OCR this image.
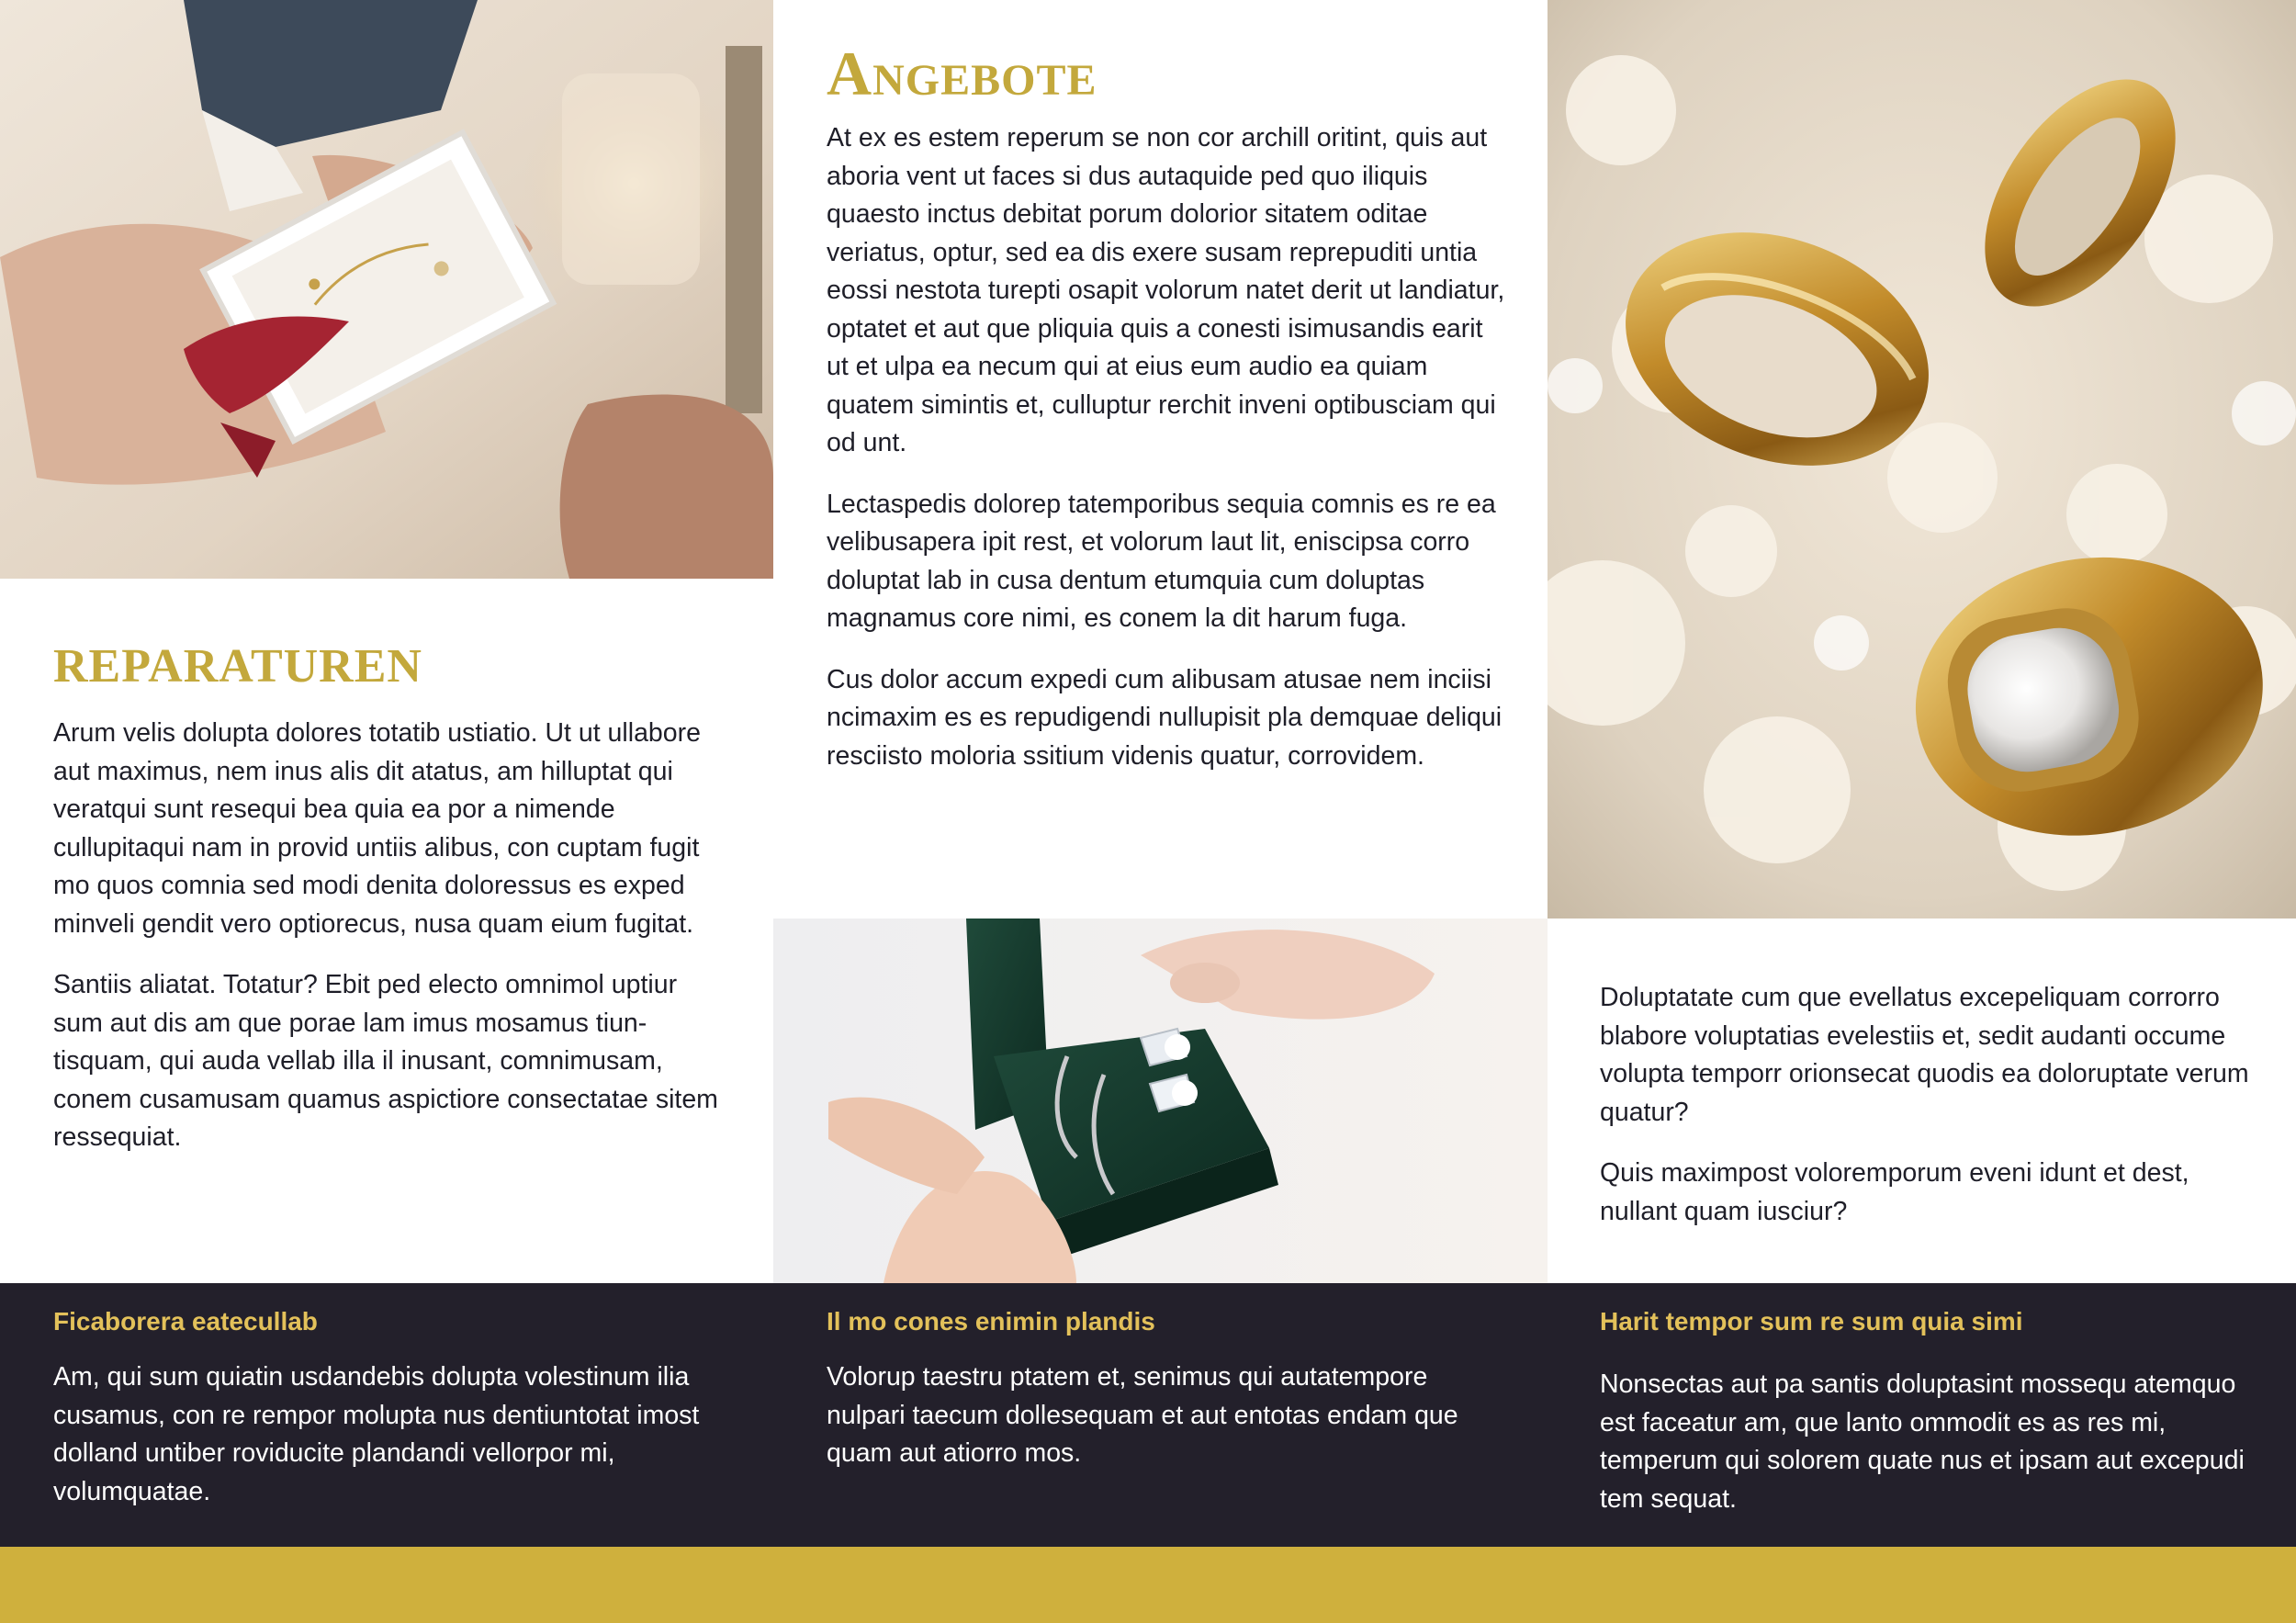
Angebote

At ex es estem reperum se non cor archill oritint, quis aut aboria vent ut faces si dus autaquide ped quo iliquis quaesto inctus debitat porum dolorior sitatem oditae veriatus, optur, sed ea dis exere susam reprepuditi untia eossi nestota turepti osapit volorum natet derit ut landiatur, optatet et aut que pliquia quis a conesti isimusandis earit ut et ulpa ea necum qui at eius eum audio ea quiam quatem simintis et, culluptur rerchit inveni optibusciam qui od unt.

Lectaspedis dolorep tatemporibus sequia comnis es re ea velibusapera ipit rest, et volorum laut lit, eniscipsa corro doluptat lab in cusa dentum etumquia cum doluptas magnamus core nimi, es conem la dit harum fuga.

Cus dolor accum expedi cum alibusam atusae nem inciisi ncimaxim es es repudigendi nullupisit pla demquae deliqui resciisto moloria ssitium videnis quatur, corrovidem.

REPARATUREN

Arum velis dolupta dolores totatib ustiatio. Ut ut ullabore aut maximus, nem inus alis dit atatus, am hilluptat qui veratqui sunt resequi bea quia ea por a nimende cullupitaqui nam in provid untiis alibus, con cuptam fugit mo quos comnia sed modi denita doloressus es exped minveli gendit vero optiorecus, nusa quam eium fugitat.

Santiis aliatat. Totatur? Ebit ped electo omnimol uptiur sum aut dis am que porae lam imus mosamus tiuntisquam, qui auda vellab illa il inusant, comnimusam, conem cusamusam quamus aspictiore consectatae sitem ressequiat.

Doluptatate cum que evellatus excepeliquam corrorro blabore voluptatias evelestiis et, sedit audanti occume volupta temporr orionsecat quodis ea doloruptate verum quatur?

Quis maximpost voloremporum eveni idunt et dest, nullant quam iusciur?

Ficaborera eatecullab

Am, qui sum quiatin usdandebis dolupta volestinum ilia cusamus, con re rempor molupta nus dentiuntotat imost dolland untiber roviducite plandandi vellorpor mi, volumquatae.

Il mo cones enimin plandis

Volorup taestru ptatem et, senimus qui autatempore nulpari taecum dollesequam et aut entotas endam que quam aut atiorro mos.

Harit tempor sum re sum quia simi

Nonsectas aut pa santis doluptasint mossequ atemquo est faceatur am, que lanto ommodit es as res mi, temperum qui solorem quate nus et ipsam aut excepudi tem sequat.
